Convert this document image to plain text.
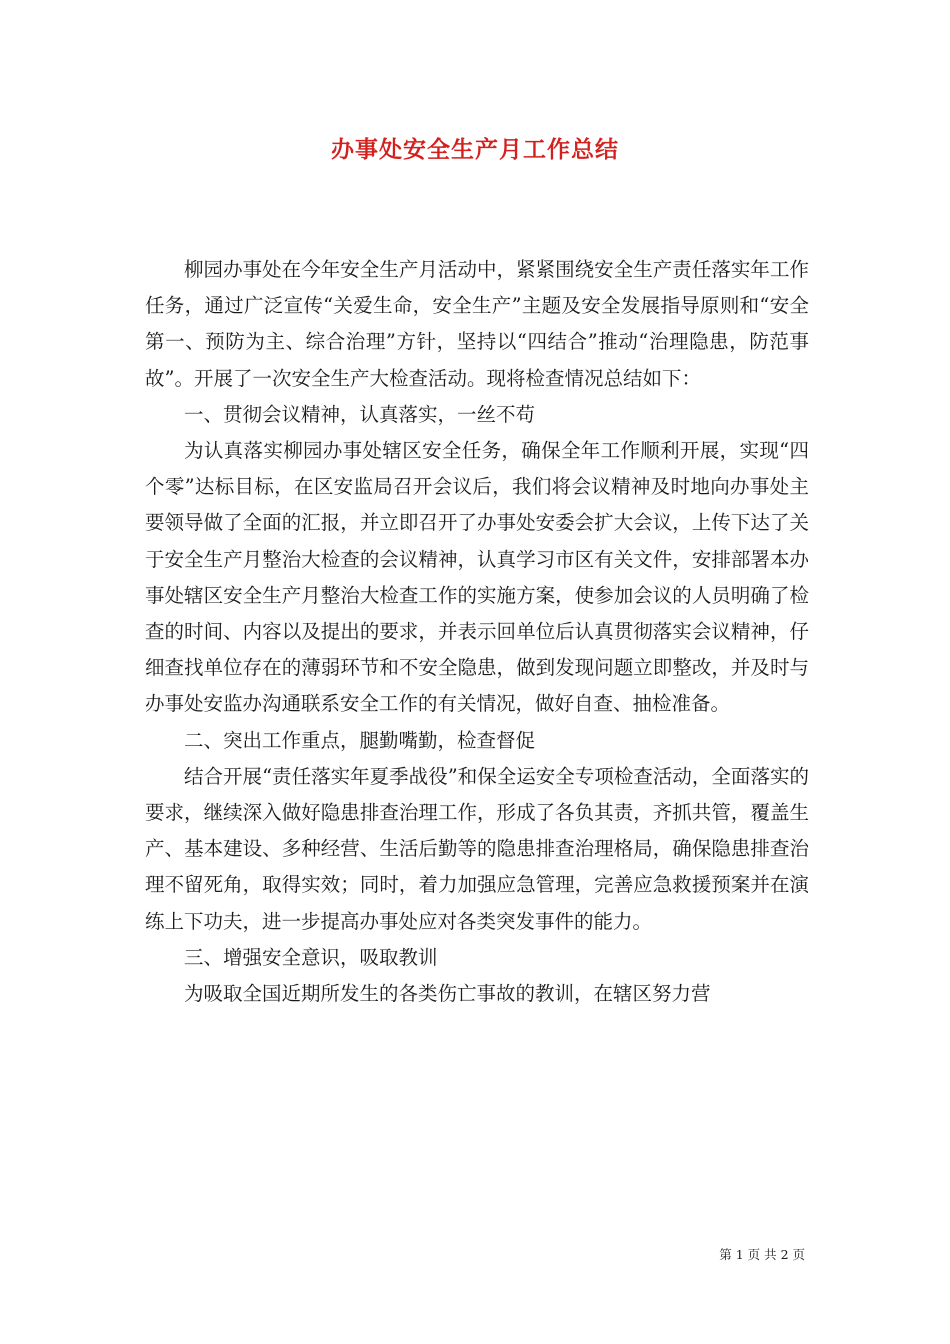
办事处安全生产月工作总结

柳园办事处在今年安全生产月活动中，紧紧围绕安全生产责任落实年工作任务，通过广泛宣传“关爱生命，安全生产”主题及安全发展指导原则和“安全第一、预防为主、综合治理”方针，坚持以“四结合”推动“治理隐患，防范事故”。开展了一次安全生产大检查活动。现将检查情况总结如下：

一、贯彻会议精神，认真落实，一丝不苟

为认真落实柳园办事处辖区安全任务，确保全年工作顺利开展，实现“四个零”达标目标，在区安监局召开会议后，我们将会议精神及时地向办事处主要领导做了全面的汇报，并立即召开了办事处安委会扩大会议，上传下达了关于安全生产月整治大检查的会议精神，认真学习市区有关文件，安排部署本办事处辖区安全生产月整治大检查工作的实施方案，使参加会议的人员明确了检查的时间、内容以及提出的要求，并表示回单位后认真贯彻落实会议精神，仔细查找单位存在的薄弱环节和不安全隐患，做到发现问题立即整改，并及时与办事处安监办沟通联系安全工作的有关情况，做好自查、抽检准备。

二、突出工作重点，腿勤嘴勤，检查督促

结合开展“责任落实年夏季战役”和保全运安全专项检查活动，全面落实的要求，继续深入做好隐患排查治理工作，形成了各负其责，齐抓共管，覆盖生产、基本建设、多种经营、生活后勤等的隐患排查治理格局，确保隐患排查治理不留死角，取得实效；同时，着力加强应急管理，完善应急救援预案并在演练上下功夫，进一步提高办事处应对各类突发事件的能力。

三、增强安全意识，吸取教训

为吸取全国近期所发生的各类伤亡事故的教训，在辖区努力营

第 1 页 共 2 页
